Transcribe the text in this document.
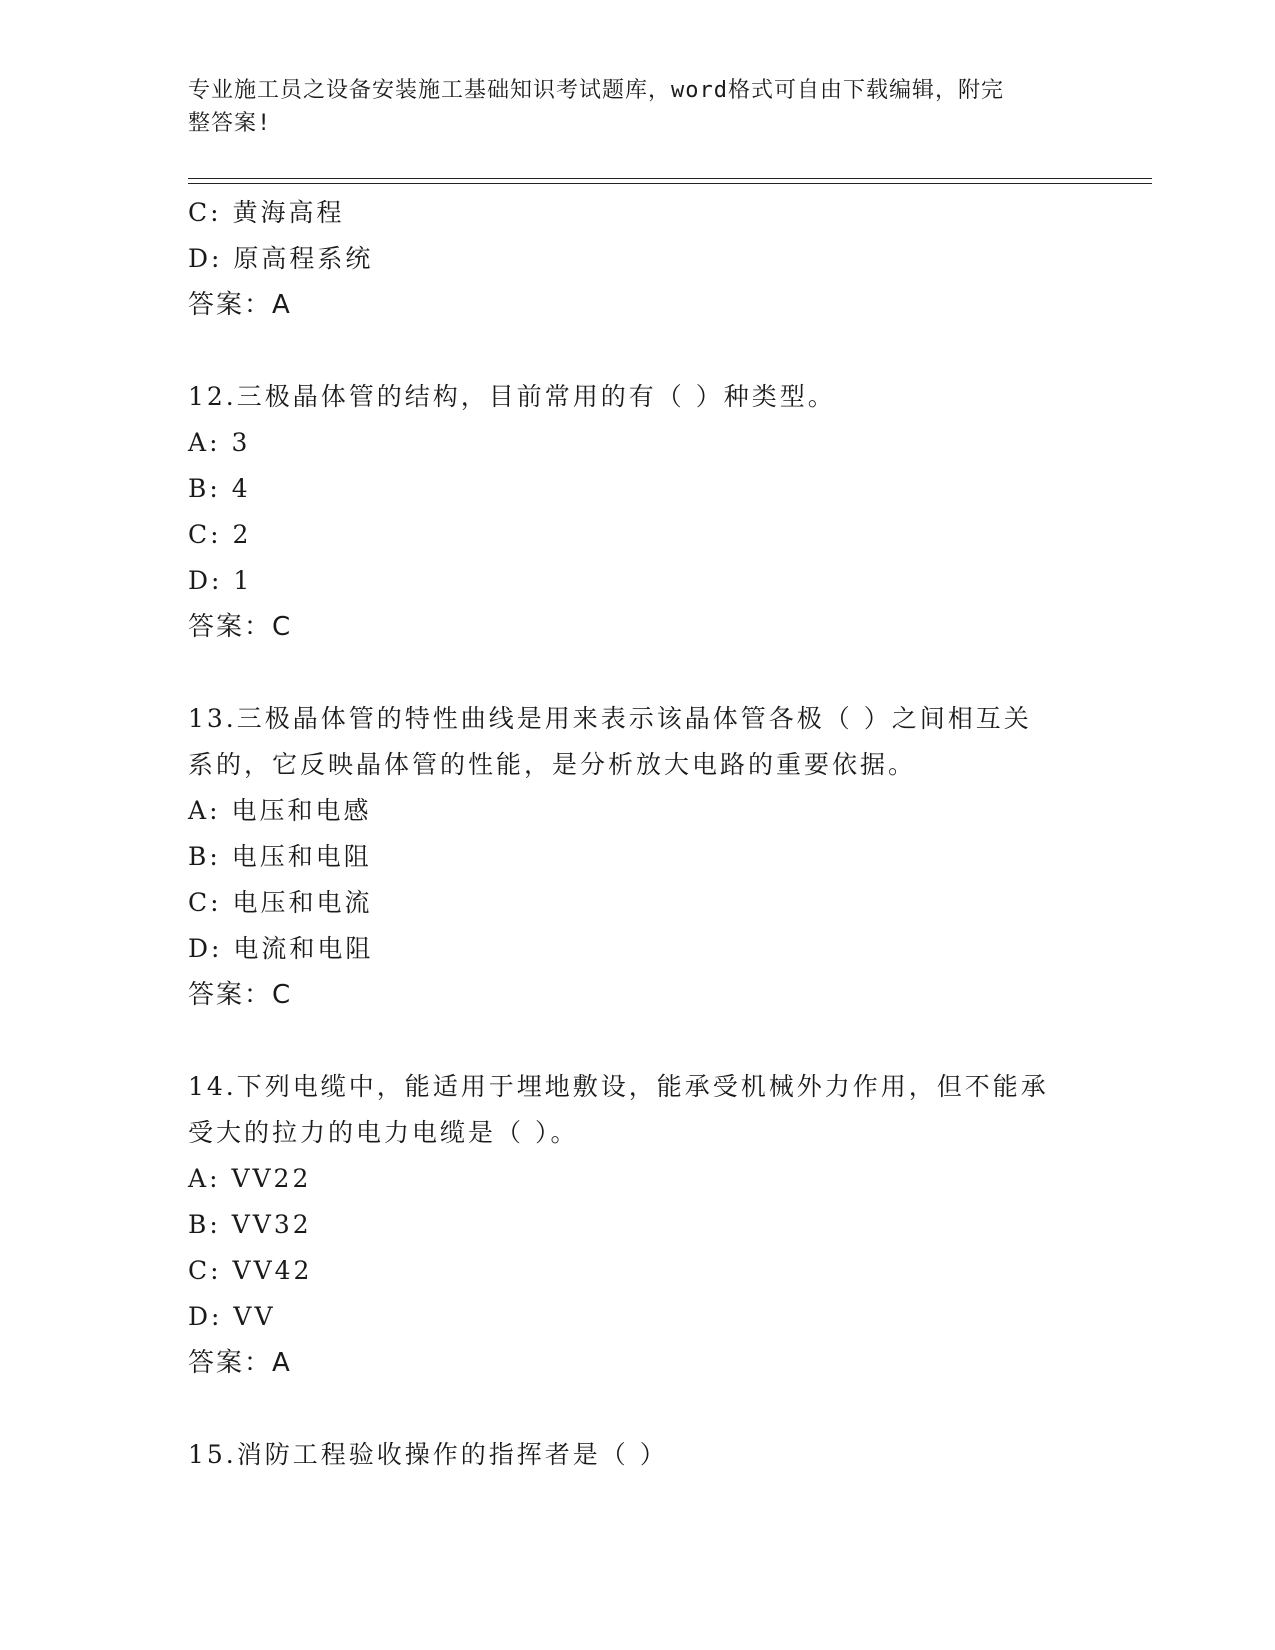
专业施工员之设备安装施工基础知识考试题库，word格式可自由下载编辑，附完
整答案!
C: 黄海高程
D: 原高程系统
答案：A
12.三极晶体管的结构，目前常用的有（ ）种类型。
A: 3
B: 4
C: 2
D: 1
答案：C
13.三极晶体管的特性曲线是用来表示该晶体管各极（ ）之间相互关
系的，它反映晶体管的性能，是分析放大电路的重要依据。
A: 电压和电感
B: 电压和电阻
C: 电压和电流
D: 电流和电阻
答案：C
14.下列电缆中，能适用于埋地敷设，能承受机械外力作用，但不能承
受大的拉力的电力电缆是（ ）。
A: VV22
B: VV32
C: VV42
D: VV
答案：A
15.消防工程验收操作的指挥者是（ ）
